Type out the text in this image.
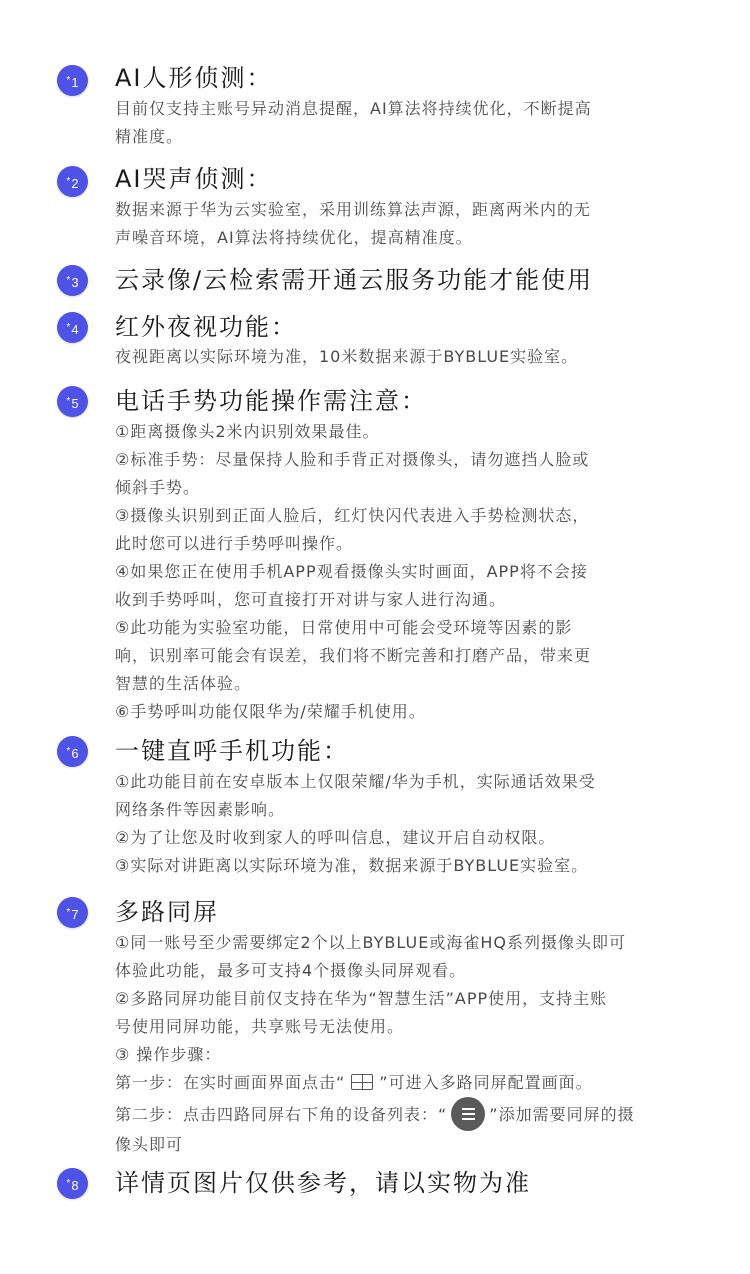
*1	AI人形侦测：
目前仅支持主账号异动消息提醒，AI算法将持续优化，不断提高
精准度。
*2	AI哭声侦测：
数据来源于华为云实验室，采用训练算法声源，距离两米内的无
声噪音环境，AI算法将持续优化，提高精准度。
*3	云录像/云检索需开通云服务功能才能使用
*4	红外夜视功能：
夜视距离以实际环境为准，10米数据来源于BYBLUE实验室。
*5	电话手势功能操作需注意：
①距离摄像头2米内识别效果最佳。
②标准手势：尽量保持人脸和手背正对摄像头，请勿遮挡人脸或
倾斜手势。
③摄像头识别到正面人脸后，红灯快闪代表进入手势检测状态，
此时您可以进行手势呼叫操作。
④如果您正在使用手机APP观看摄像头实时画面，APP将不会接
收到手势呼叫，您可直接打开对讲与家人进行沟通。
⑤此功能为实验室功能，日常使用中可能会受环境等因素的影
响，识别率可能会有误差，我们将不断完善和打磨产品，带来更
智慧的生活体验。
⑥手势呼叫功能仅限华为/荣耀手机使用。
*6	一键直呼手机功能：
①此功能目前在安卓版本上仅限荣耀/华为手机，实际通话效果受
网络条件等因素影响。
②为了让您及时收到家人的呼叫信息，建议开启自动权限。
③实际对讲距离以实际环境为准，数据来源于BYBLUE实验室。
*7	多路同屏
①同一账号至少需要绑定2个以上BYBLUE或海雀HQ系列摄像头即可
体验此功能，最多可支持4个摄像头同屏观看。
②多路同屏功能目前仅支持在华为“智慧生活”APP使用，支持主账
号使用同屏功能，共享账号无法使用。
③ 操作步骤：
第一步：在实时画面界面点击“ ”可进入多路同屏配置画面。
第二步：点击四路同屏右下角的设备列表：“	”添加需要同屏的摄
像头即可
*8	详情页图片仅供参考，请以实物为准
